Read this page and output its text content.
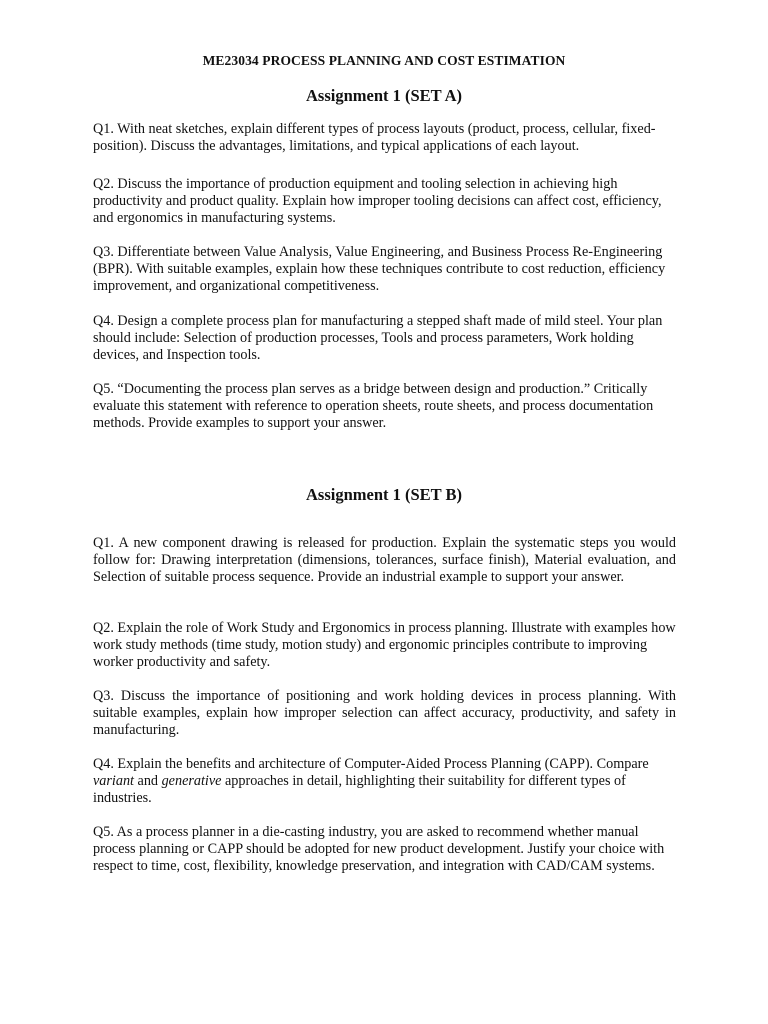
ME23034 PROCESS PLANNING AND COST ESTIMATION
Assignment 1 (SET A)

Q1. With neat sketches, explain different types of process layouts (product, process, cellular, fixed-position). Discuss the advantages, limitations, and typical applications of each layout.

Q2. Discuss the importance of production equipment and tooling selection in achieving high productivity and product quality. Explain how improper tooling decisions can affect cost, efficiency, and ergonomics in manufacturing systems.

Q3. Differentiate between Value Analysis, Value Engineering, and Business Process Re-Engineering (BPR). With suitable examples, explain how these techniques contribute to cost reduction, efficiency improvement, and organizational competitiveness.

Q4. Design a complete process plan for manufacturing a stepped shaft made of mild steel. Your plan should include: Selection of production processes, Tools and process parameters, Work holding devices, and Inspection tools.

Q5. “Documenting the process plan serves as a bridge between design and production.” Critically evaluate this statement with reference to operation sheets, route sheets, and process documentation methods. Provide examples to support your answer.

Assignment 1 (SET B)

Q1. A new component drawing is released for production. Explain the systematic steps you would follow for: Drawing interpretation (dimensions, tolerances, surface finish), Material evaluation, and Selection of suitable process sequence. Provide an industrial example to support your answer.

Q2. Explain the role of Work Study and Ergonomics in process planning. Illustrate with examples how work study methods (time study, motion study) and ergonomic principles contribute to improving worker productivity and safety.

Q3. Discuss the importance of positioning and work holding devices in process planning. With suitable examples, explain how improper selection can affect accuracy, productivity, and safety in manufacturing.

Q4. Explain the benefits and architecture of Computer-Aided Process Planning (CAPP). Compare variant and generative approaches in detail, highlighting their suitability for different types of industries.

Q5. As a process planner in a die-casting industry, you are asked to recommend whether manual process planning or CAPP should be adopted for new product development. Justify your choice with respect to time, cost, flexibility, knowledge preservation, and integration with CAD/CAM systems.
